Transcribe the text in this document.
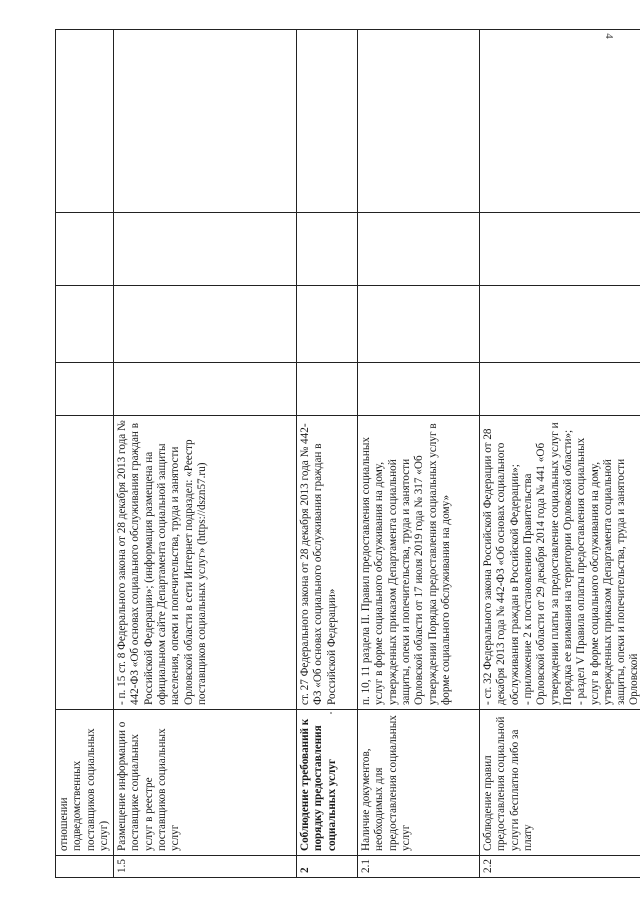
4
	отношении подведомственных поставщиков социальных услуг)					
1.5	Размещение информации о поставщике социальных услуг в реестре поставщиков социальных услуг	- п. 15 ст. 8 Федерального закона от 28 декабря 2013 года № 442-ФЗ «Об основах социального обслуживания граждан в Российской Федерации»; (информация размещена на официальном сайте Департамента социальной защиты населения, опеки и попечительства, труда и занятости Орловской области в сети Интернет подраздел: «Реестр поставщиков социальных услуг» (https://dszn57.ru)				

2	Соблюдение требований к порядку предоставления социальных услуг	ст. 27 Федерального закона от 28 декабря 2013 года № 442-ФЗ «Об основах социального обслуживания граждан в Российской Федерации»				

2.1	Наличие документов, необходимых для предоставления социальных услуг	п. 10, 11 раздела II. Правил предоставления социальных услуг в форме социального обслуживания на дому, утвержденных приказом Департамента социальной защиты, опеки и попечительства, труда и занятости Орловской области от 17 июля 2019 года № 317 «Об утверждении Порядка предоставления социальных услуг в форме социального обслуживания на дому»				

2.2	Соблюдение правил предоставления социальной услуги бесплатно либо за плату	- ст. 32 Федерального закона Российской Федерации от 28 декабря 2013 года № 442-ФЗ «Об основах социального обслуживания граждан в Российской Федерации»; - приложение 2 к постановлению Правительства Орловской области от 29 декабря 2014 года № 441 «Об утверждении платы за предоставление социальных услуг и Порядка ее взимания на территории Орловской области»; - раздел V Правила оплаты предоставления социальных услуг в форме социального обслуживания на дому, утвержденных приказом Департамента социальной защиты, опеки и попечительства, труда и занятости Орловской				
